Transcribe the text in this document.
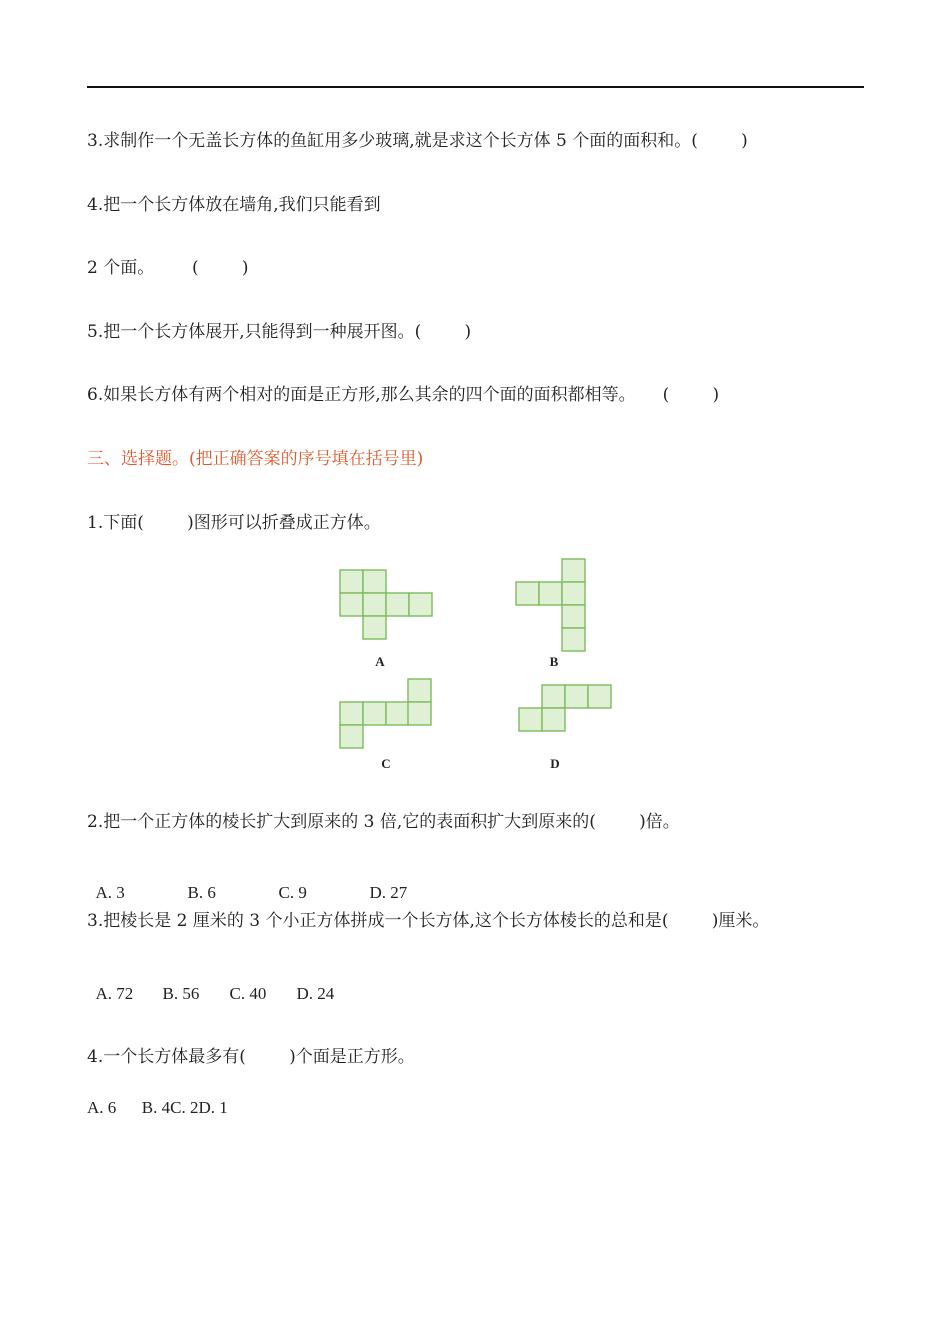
3.求制作一个无盖长方体的鱼缸用多少玻璃,就是求这个长方体 5 个面的面积和。(        )
4.把一个长方体放在墙角,我们只能看到
2 个面。       (        )
5.把一个长方体展开,只能得到一种展开图。(        )
6.如果长方体有两个相对的面是正方形,那么其余的四个面的面积都相等。     (        )
三、选择题。(把正确答案的序号填在括号里)
1.下面(        )图形可以折叠成正方体。
A	B
C	D
2.把一个正方体的棱长扩大到原来的 3 倍,它的表面积扩大到原来的(        )倍。

A. 3	B. 6	C. 9	D. 27

3.把棱长是 2 厘米的 3 个小正方体拼成一个长方体,这个长方体棱长的总和是(        )厘米。

A. 72 B. 56 C. 40 D. 24

4.一个长方体最多有(        )个面是正方形。
A. 6      B. 4C. 2D. 1
